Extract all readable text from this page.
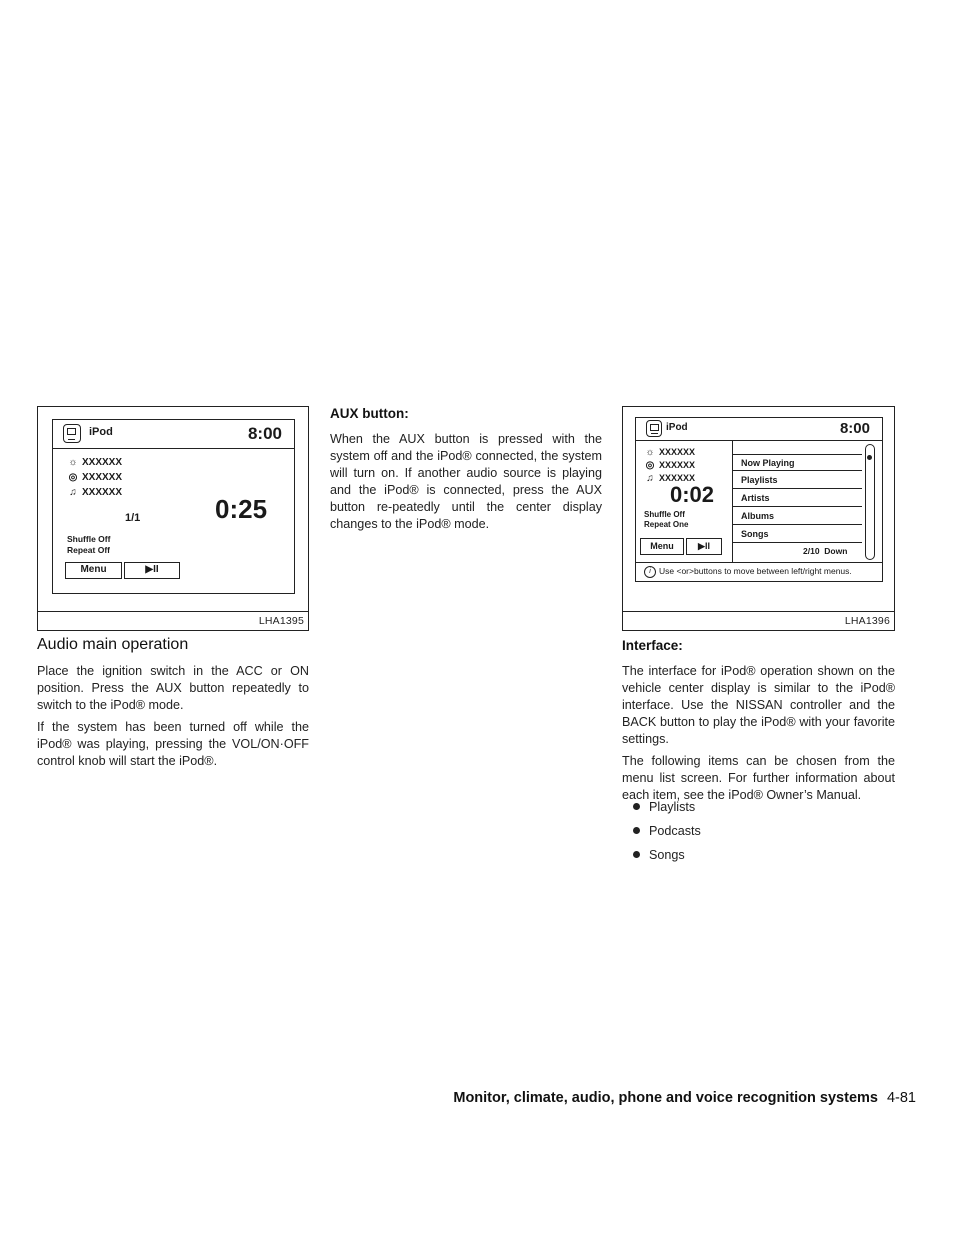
iPod	8:00
☼ XXXXXX
◎ XXXXXX
♫ XXXXXX
1/1	0:25
Shuffle Off
Repeat Off
Menu	▶II
LHA1395
iPod	8:00
☼ XXXXXX
◎ XXXXXX
♫ XXXXXX
0:02
Shuffle Off
Repeat One
Menu	▶II
Now Playing
Playlists
Artists
Albums
Songs
2/10 Down
i Use <or>buttons to move between left/right menus.
LHA1396
Audio main operation

Place the ignition switch in the ACC or ON position. Press the AUX button repeatedly to switch to the iPod® mode.

If the system has been turned off while the iPod® was playing, pressing the VOL/ON·OFF control knob will start the iPod®.

AUX button:

When the AUX button is pressed with the system off and the iPod® connected, the system will turn on. If another audio source is playing and the iPod® is connected, press the AUX button re-peatedly until the center display changes to the iPod® mode.

Interface:

The interface for iPod® operation shown on the vehicle center display is similar to the iPod® interface. Use the NISSAN controller and the BACK button to play the iPod® with your favorite settings.

The following items can be chosen from the menu list screen. For further information about each item, see the iPod® Owner’s Manual.

Playlists
Podcasts
Songs
Monitor, climate, audio, phone and voice recognition systems 4-81
